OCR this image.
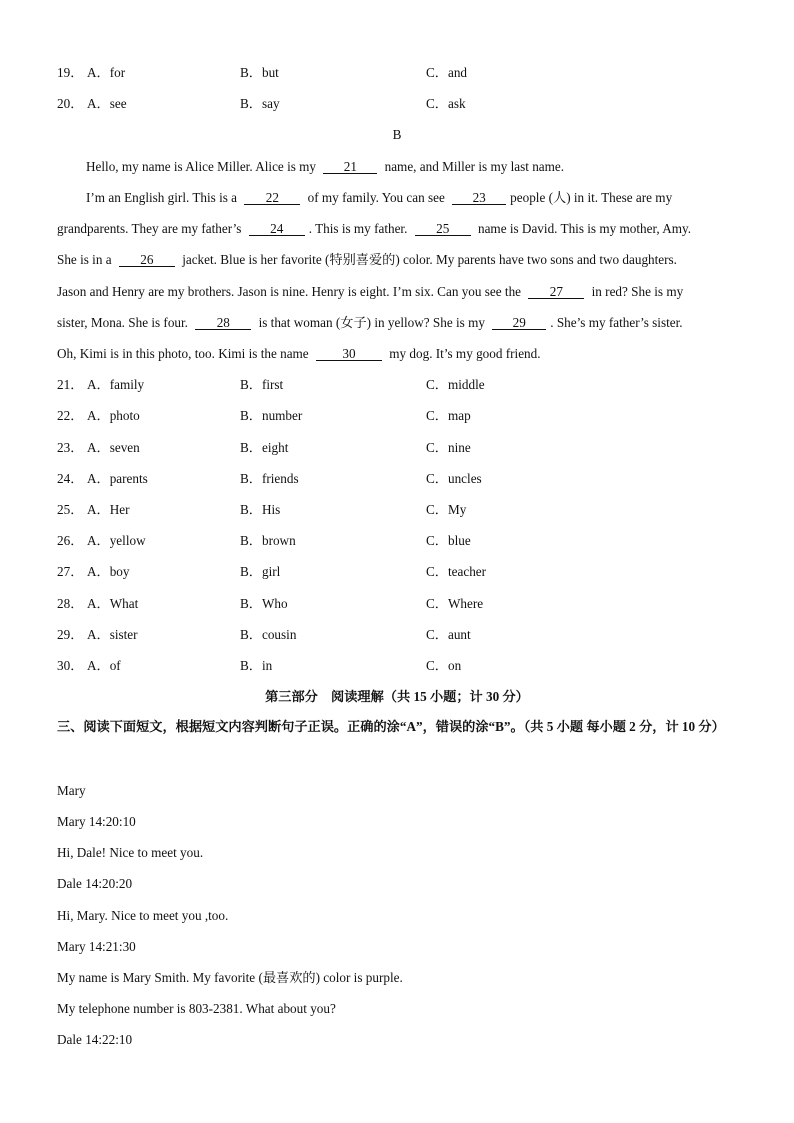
19． A．for	B．but	C．and
20． A．see	B．say	C．ask
B
Hello, my name is Alice Miller. Alice is my 21 name, and Miller is my last name.
I’m an English girl. This is a 22 of my family. You can see 23 people (人) in it. These are my
grandparents. They are my father’s 24 . This is my father. 25 name is David. This is my mother, Amy.
She is in a 26 jacket. Blue is her favorite (特别喜爱的) color. My parents have two sons and two daughters.
Jason and Henry are my brothers. Jason is nine. Henry is eight. I’m six. Can you see the 27 in red? She is my
sister, Mona. She is four. 28 is that woman (女子) in yellow? She is my 29 . She’s my father’s sister.
Oh, Kimi is in this photo, too. Kimi is the name	30	my dog. It’s my good friend.
21． A．family	B．first	C．middle
22． A．photo	B．number	C．map
23． A．seven	B．eight	C．nine
24． A．parents	B．friends	C．uncles
25． A．Her	B．His	C．My
26． A．yellow	B．brown	C．blue
27． A．boy	B．girl	C．teacher
28． A．What	B．Who	C．Where
29． A．sister	B．cousin	C．aunt
30． A．of	B．in	C．on
第三部分　阅读理解（共 15 小题；计 30 分）
三、阅读下面短文，根据短文内容判断句子正误。正确的涂“A”，错误的涂“B”。（共 5 小题 每小题 2 分，计 10 分）
Mary
Mary 14:20:10
Hi, Dale! Nice to meet you.
Dale 14:20:20
Hi, Mary. Nice to meet you ,too.
Mary 14:21:30
My name is Mary Smith. My favorite (最喜欢的) color is purple.
My telephone number is 803-2381. What about you?
Dale 14:22:10
